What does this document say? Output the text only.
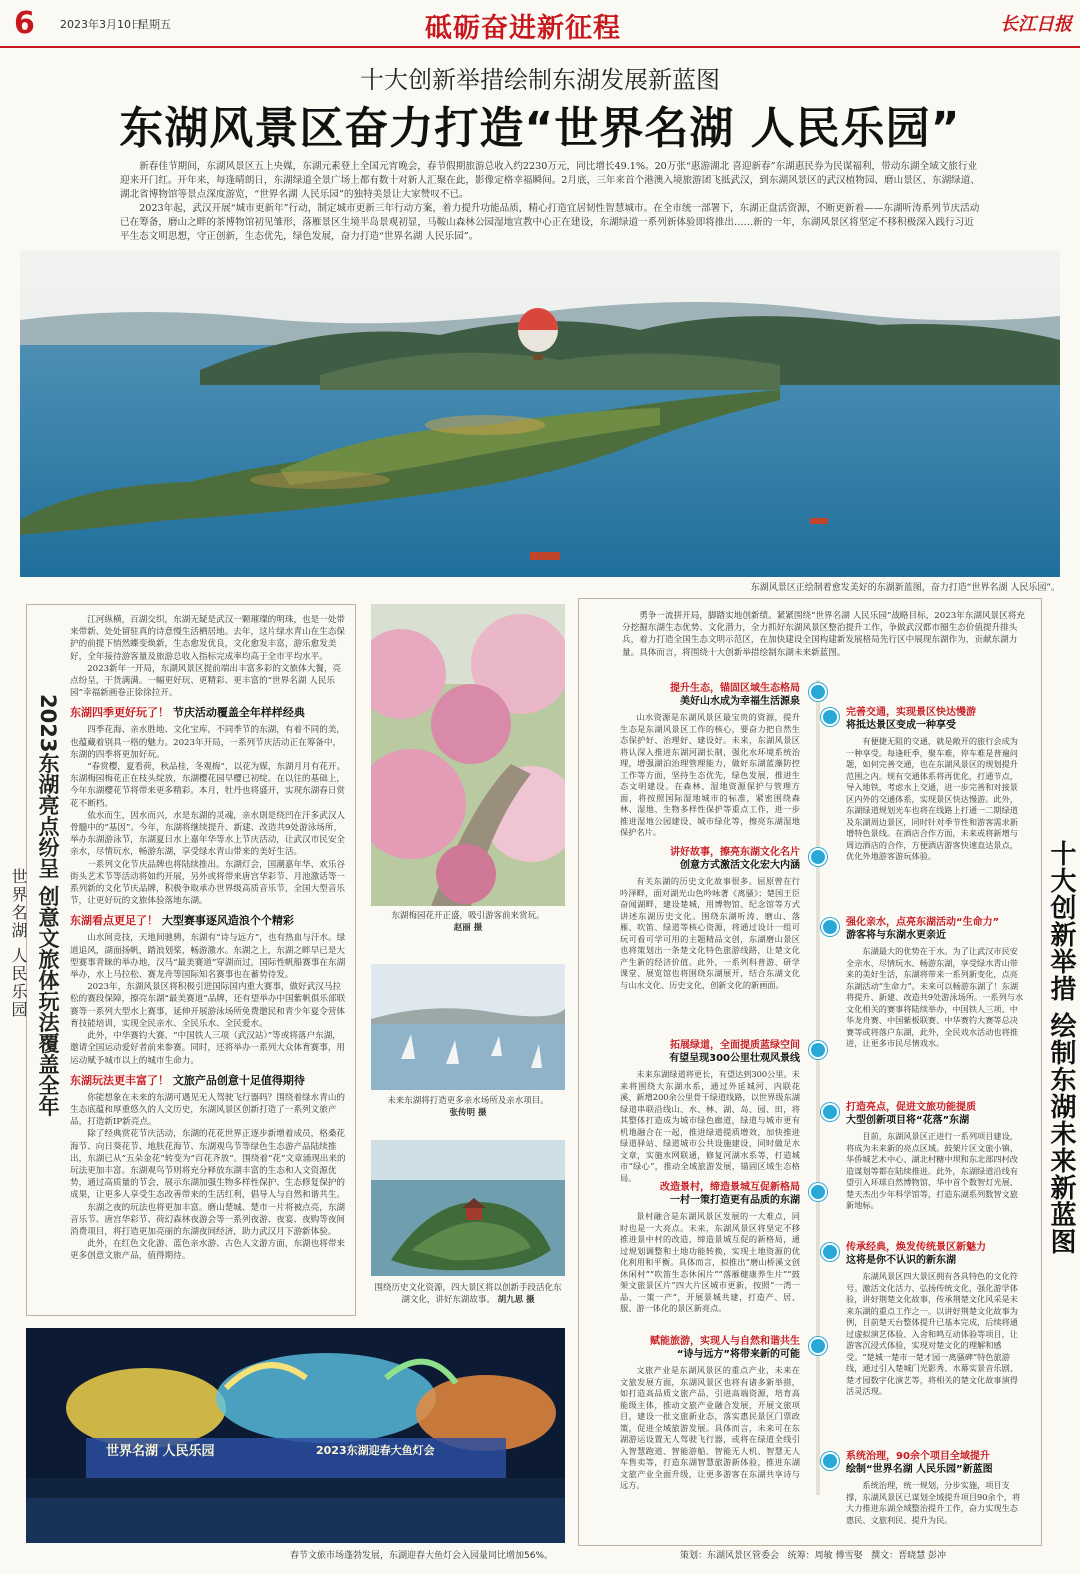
6 2023年3月10日
星期五	砥砺奋进新征程	长江日报
十大创新举措绘制东湖发展新蓝图
东湖风景区奋力打造“世界名湖 人民乐园”

新春佳节期间，东湖风景区五上央媒，东湖元素登上全国元宵晚会，春节假期旅游总收入约2230万元，同比增长49.1%。20万张“惠游湖北 喜迎新春”东湖惠民券为民谋福利，带动东湖全域文旅行业迎来开门红。开年来，每逢晴朗日，东湖绿道全景广场上都有数十对新人汇聚在此，影像定格幸福瞬间。2月底，三年来首个港澳入境旅游团飞抵武汉，到东湖风景区的武汉植物园、磨山景区、东湖绿道、湖北省博物馆等景点深度游览，“世界名湖 人民乐园”的独特美景让大家赞叹不已。

2023年起，武汉开展“城市更新年”行动，制定城市更新三年行动方案，着力提升功能品质，精心打造宜居韧性智慧城市。在全市统一部署下，东湖正盘活资源，不断更新着——东湖听涛系列节庆活动已在筹备，磨山之畔的茶博物馆初见雏形，落雁景区生境半岛景观初显，马鞍山森林公园湿地宣教中心正在建设，东湖绿道一系列新体验即将推出……新的一年，东湖风景区将坚定不移积极深入践行习近平生态文明思想，守正创新，生态优先，绿色发展，奋力打造“世界名湖 人民乐园”。

东湖风景区正绘制着愈发美好的东湖新蓝图，奋力打造“世界名湖 人民乐园”。
世界名湖 人民乐园 2023东湖亮点纷呈 创意文旅体玩法覆盖全年

江河纵横，百湖交织，东湖无疑是武汉一颗璀璨的明珠，也是一处带来带新、处处留驻真的诗意慢生活栖居地。去年，这片绿水青山在生态保护的前提下悄然蝶变焕新，生态愈发优良，文化愈发丰富，游乐愈发美好，全年接待游客量及旅游总收入指标完成率均高于全市平均水平。

2023新年一开局，东湖风景区提前端出丰富多彩的文旅体大餐，亮点纷呈，干货满满。一幅更好玩、更精彩、更丰富的“世界名湖 人民乐园”幸福新画卷正徐徐拉开。

东湖四季更好玩了！ 节庆活动覆盖全年样样经典

四季花海、亲水胜地、文化宝库，不同季节的东湖，有着不同的美，也蕴藏着别具一格的魅力。2023年开局，一系列节庆活动正在筹备中，东湖的四季将更加好玩。

“春赏樱，夏看荷，秋品桂，冬观梅”，以花为媒，东湖月月有花开。东湖梅园梅花正在枝头绽放，东湖樱花园早樱已初绽。在以往的基础上，今年东湖樱花节将带来更多精彩。本月，牡丹也将盛开，实现东湖春日赏花不断档。

依水而生，因水而兴，水是东湖的灵魂，亲水則是绕凹在汗多武汉人骨髓中的“基因”。今年，东湖将继续提升、新建、改造共9处游泳场所，举办东湖游泳节，东湖夏日水上嘉年华等水上节庆活动，让武汉市民安全亲水，尽情玩水，畅游东湖，享受绿水青山带来的美好生活。

一系列文化节庆品牌也将陆续推出。东湖灯会，国潮嘉年华、欢乐谷街头艺术节等活动将如约开展，另外或将带来唐宫华彩节、月池激话等一系列新的文化节庆品牌，积极争取承办世界级高质音乐节，全国大型音乐节，让更好玩的文旅体验落地东湖。

东湖看点更足了！ 大型赛事逐风造浪个个精彩

山水间竞技，天地间驰骋，东湖有“诗与远方”，也有热血与汗水。绿道追风，湖面扬帆，踏浪划桨，畅游激水。东湖之上，东湖之畔早已是大型赛事青睐的举办地，汉马“最美赛道”穿湖而过，国际性帆船赛事在东湖举办，水上马拉松、赛龙舟等国际知名赛事也在蓄势待发。

2023年，东湖风景区将积极引进国际国内重大赛事，做好武汉马拉松的赛段保障，擦亮东湖“最美赛道”品牌，还有望举办中国紫帆俱乐部联赛等一系列大型水上赛事，延伸开展游泳场所免费邀民和青少年夏令营体育技能培训，实现全民亲水、全民乐水、全民爱水。

此外，中华赛钓大赛、“中国铁人三项（武汉站）”等或将落户东湖，邀请全国运动爱好者前来参赛。同时，还将举办一系列大众体育赛事，用运动赋予城市以上的城市生命力。

东湖玩法更丰富了！ 文旅产品创意十足值得期待

你能想象在未来的东湖可遇见无人驾驶飞行器吗？围绕着绿水青山的生态底蕴和厚重悠久的人文历史，东湖风景区创新打造了一系列文旅产品，打造新IP新亮点。

除了经典赏花节庆活动，东湖的花花世界正逐步新增着成员，格桑花海节、向日葵花节、地肤花海节、东湖观鸟节等绿色生态游产品陆续推出，东湖已从“五朵金花”转变为“百花齐放”。围绕着“花”文章涌现出来的玩法更加丰富。东湖观鸟节则将充分释放东湖丰富的生态和人文资源优势，通过高质量的节会，展示东湖加强生物多样性保护、生态修复保护的成果，让更多人享受生态改善带来的生活红利，倡导人与自然和谐共生。

东湖之夜的玩法也将更加丰富。磨山楚城、楚市一片将被点亮，东湖音乐节、唐宫华彩节、荷幻森林夜游会等一系列夜游、夜宴、夜购等夜间消费项目，将打造更加亮丽的东湖夜间经济，助力武汉月下游新体验。

此外，在红色文化游、蓝色亲水游、古色人文游方面，东湖也将带来更多创意文旅产品，值得期待。

东湖梅园花开正盛，吸引游客前来赏玩。
赵丽 摄
未来东湖将打造更多亲水场所及亲水项目。
张传明 摄
围绕历史文化资源，四大景区将以创新手段活化东湖文化，讲好东湖故事。 胡九思 摄
世界名湖 人民乐园	2023东湖迎春大鱼灯会
春节文旅市场蓬勃发展，东湖迎春大鱼灯会入园量同比增加56%。

勇争一流拼开局，脚踏实地创新绩。紧紧围绕“世界名湖 人民乐园”战略目标，2023年东湖风景区将充分挖掘东湖生态优势、文化潜力，全力抓好东湖风景区整治提升工作，争做武汉都市圈生态价值提升排头兵，着力打造全国生态文明示范区，在加快建设全国构建新发展格局先行区中展现东湖作为，贡献东湖力量。具体而言，将围绕十大创新举措绘制东湖未来新蓝图。

十大创新举措 绘制东湖未来新蓝图
提升生态，锚固区域生态格局
美好山水成为幸福生活源泉

山水资源是东湖风景区最宝贵的资源，提升生态是东湖风景区工作的核心，要奋力把自然生态保护好、治理好、建设好。未来，东湖风景区将认深入推进东湖河湖长制，强化水环境系统治理，增强湖泊治理管理能力，做好东湖蓝藻防控工作等方面，坚持生态优先，绿色发展，推进生态文明建设。在森林、湿地资源保护与管理方面，将按照国际湿地城市的标准，紧密围绕森林、湿地、生物多样性保护等重点工作，进一步推进湿地公园建设、城市绿化等，擦亮东湖湿地保护名片。

讲好故事，擦亮东湖文化名片
创意方式激活文化宏大内涵

有关东湖的历史文化故事很多。屈原曾在行吟泽畔，面对湖光山色吟咏著《离骚》；楚国王臣奋闻湖畔，建设楚城，用博物馆、纪念馆等方式讲述东湖历史文化。围绕东湖听涛、磨山、落雁、吹笛、绿道等核心资源，将通过设计一组可玩可看可学可用的主题精品文创，东湖磨山景区也将策划出一条楚文化特色旅游线路，让楚文化产生新的经济价值。此外，一系列科普游、研学课堂、展览馆也将围绕东湖展开，结合东湖文化与山水文化、历史文化，创新文化的新画面。

拓展绿道，全面提质蓝绿空间
有望呈现300公里壮观风景线

未来东湖绿道将更长，有望达到300公里。未来将围绕大东湖水系，通过外延城河、内联花溪、新增200余公里骨干绿道线路，以世界级东湖绿道串联沿线山、水、林、湖、岛、园、田，将其整体打造成为城市绿色廊道，绿道与城市更有机地融合在一起，推进绿道提质增效，加快推进绿道驿站、绿道城市公共设施建设，同时做足水文章，实施水网联通，修复河湖水系等，打造城市“绿心”，推动全域旅游发展，锚固区域生态格局。

改造景村，缔造景城互促新格局
一村一策打造更有品质的东湖

景村融合是东湖风景区发展的一大难点，同时也是一大亮点。未来，东湖风景区将坚定不移推进景中村的改造，缔造景城互促的新格局，通过规划调整和土地功能转换，实现土地资源的优化利用和平衡。具体而言，拟推出“磨山桥溪文创休闲村”“吹笛生态休闲片”“落雁健康养生片”“鼓架文旅景区片”四大片区城市更新，按照“一湾一品、一策一产”，开展景城共建，打造产、居、服、游一体化的景区新亮点。

赋能旅游，实现人与自然和谐共生
“诗与远方”将带来新的可能

文旅产业是东湖风景区的重点产业，未来在文旅发展方面，东湖风景区也将有诸多新举措，如打造高品质文旅产品，引进高端资源，培育高能级主体，推动文旅产业融合发展，开展文旅项目，建设一批文旅新业态，落实惠民景区门票政策，促进全域旅游发展。具体而言，未来可在东湖游运设置无人驾驶飞行器，或将在绿道全线引入智慧跑道、智能游船、智能无人机、智慧无人车售卖等，打造东湖智慧旅游新体验，推进东湖文旅产业全面升级，让更多游客在东湖共享诗与远方。

完善交通，实现景区快达慢游
将抵达景区变成一种享受

有便捷无阻的交通，就是敞开的旅行会成为一种享受。每逢旺季，聚车难，停车难是普遍问题，如何完善交通，也在东湖风景区的规划提升范围之内。规有交通体系将再优化，打通节点，导入地铁，考虑水上交通，进一步完善和对接景区内外的交通体系，实现景区快达慢游。此外，东湖绿道规划光车也将在线路上打通一二期绿道及东湖周边景区，同时针对季节性和游客需求新增特色景线。在酒店合作方面，未来或将新增与周边酒店的合作，方便酒店游客快速直达景点，优化外地游客游玩体验。

强化亲水，点亮东湖活动“生命力”
游客将与东湖水更亲近

东湖最大的优势在于水。为了让武汉市民安全亲水、尽情玩水、畅游东湖，享受绿水青山带来的美好生活，东湖将带来一系列新变化，点亮东湖活动“生命力”。未来可以畅游东湖了！东湖将提升、新建、改造共9处游泳场所。一系列与水文化相关的赛事将陆续举办，中国铁人三项、中华龙舟赛、中国紫板联赛、中华赛钓大赛等总决赛等或将落户东湖，此外，全民戏水活动也将推进，让更多市民尽情戏水。

打造亮点，促进文旅功能提质
大型创新项目将“花落”东湖

目前，东湖风景区正进行一系列项目建设，将成为未来新的亮点区域。鼓架片区文旅小镇、华侨城艺术中心、湖北村糖中坝和东北部四村改造谋划等都在陆续推进。此外，东湖绿道沿线有望引入环球自然博物馆、华中首个数智灯光展、楚天杰出少年科学馆等，打造东湖系列数智文旅新地标。

传承经典，焕发传统景区新魅力
这将是你不认识的新东湖

东湖风景区四大景区拥有各具特色的文化符号。激活文化活力、弘扬传统文化，强化游学体验，讲好荆楚文化故事，传承荆楚文化风采是未来东湖的重点工作之一。以讲好荆楚文化故事为例，目前楚天台整体提升已基本完成，后续将通过虚拟演艺体验、入舍和鸣互动体验等项目，让游客沉浸式体验，实现对楚文化的理解和感受。“楚城一楚市一楚才园一离骚碑”特色旅游线，通过引入楚城门光影秀、水幕实景音乐剧、楚才园数字化演艺等，将相关的楚文化故事演得活灵活现。

系统治理，90余个项目全域提升
绘制“世界名湖 人民乐园”新蓝图

系统治理，统一规划，分步实施，项目支撑，东湖风景区已谋划全域提升项目90余个，将大力推进东湖全域整治提升工作，奋力实现生态惠民、文旅利民、提升为民。

策划：东湖风景区管委会 统筹：周敏 傅雪娶 撰文：晋晓慧 彭冲
